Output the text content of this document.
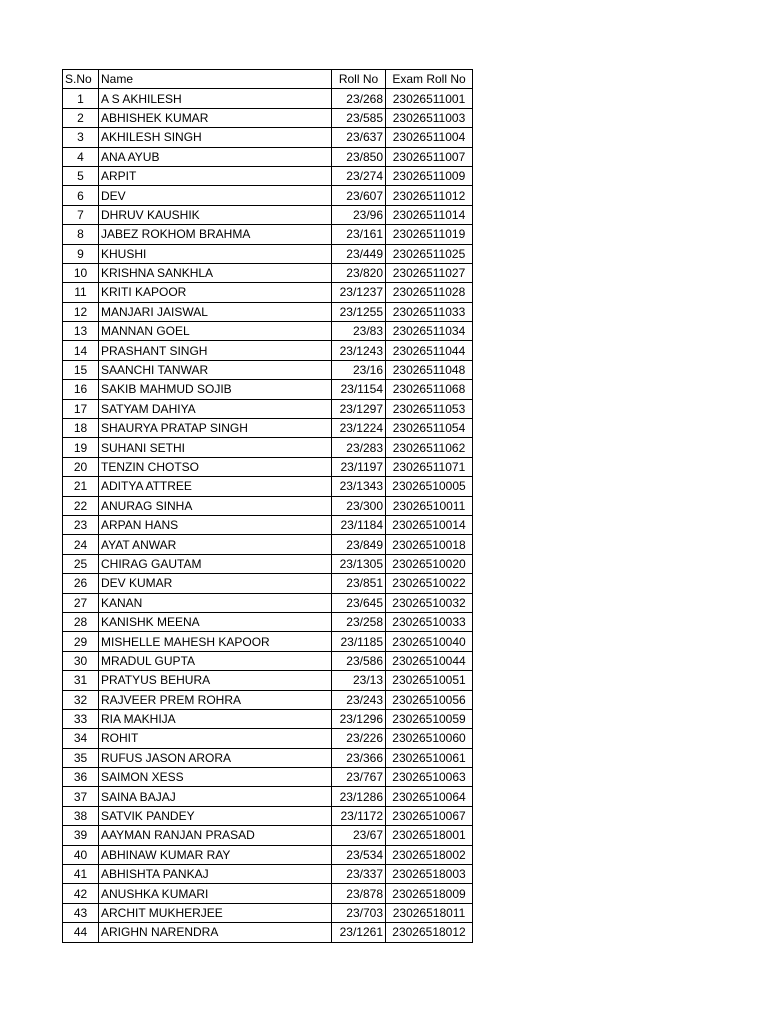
S.No	Name	Roll No	Exam Roll No
1	A S AKHILESH	23/268	23026511001
2	ABHISHEK KUMAR	23/585	23026511003
3	AKHILESH SINGH	23/637	23026511004
4	ANA AYUB	23/850	23026511007
5	ARPIT	23/274	23026511009
6	DEV	23/607	23026511012
7	DHRUV KAUSHIK	23/96	23026511014
8	JABEZ ROKHOM BRAHMA	23/161	23026511019
9	KHUSHI	23/449	23026511025
10	KRISHNA SANKHLA	23/820	23026511027
11	KRITI KAPOOR	23/1237	23026511028
12	MANJARI JAISWAL	23/1255	23026511033
13	MANNAN GOEL	23/83	23026511034
14	PRASHANT SINGH	23/1243	23026511044
15	SAANCHI TANWAR	23/16	23026511048
16	SAKIB MAHMUD SOJIB	23/1154	23026511068
17	SATYAM DAHIYA	23/1297	23026511053
18	SHAURYA PRATAP SINGH	23/1224	23026511054
19	SUHANI SETHI	23/283	23026511062
20	TENZIN CHOTSO	23/1197	23026511071
21	ADITYA ATTREE	23/1343	23026510005
22	ANURAG SINHA	23/300	23026510011
23	ARPAN HANS	23/1184	23026510014
24	AYAT ANWAR	23/849	23026510018
25	CHIRAG GAUTAM	23/1305	23026510020
26	DEV KUMAR	23/851	23026510022
27	KANAN	23/645	23026510032
28	KANISHK MEENA	23/258	23026510033
29	MISHELLE MAHESH KAPOOR	23/1185	23026510040
30	MRADUL GUPTA	23/586	23026510044
31	PRATYUS BEHURA	23/13	23026510051
32	RAJVEER PREM ROHRA	23/243	23026510056
33	RIA MAKHIJA	23/1296	23026510059
34	ROHIT	23/226	23026510060
35	RUFUS JASON ARORA	23/366	23026510061
36	SAIMON XESS	23/767	23026510063
37	SAINA BAJAJ	23/1286	23026510064
38	SATVIK PANDEY	23/1172	23026510067
39	AAYMAN RANJAN PRASAD	23/67	23026518001
40	ABHINAW KUMAR RAY	23/534	23026518002
41	ABHISHTA PANKAJ	23/337	23026518003
42	ANUSHKA KUMARI	23/878	23026518009
43	ARCHIT MUKHERJEE	23/703	23026518011
44	ARIGHN NARENDRA	23/1261	23026518012
